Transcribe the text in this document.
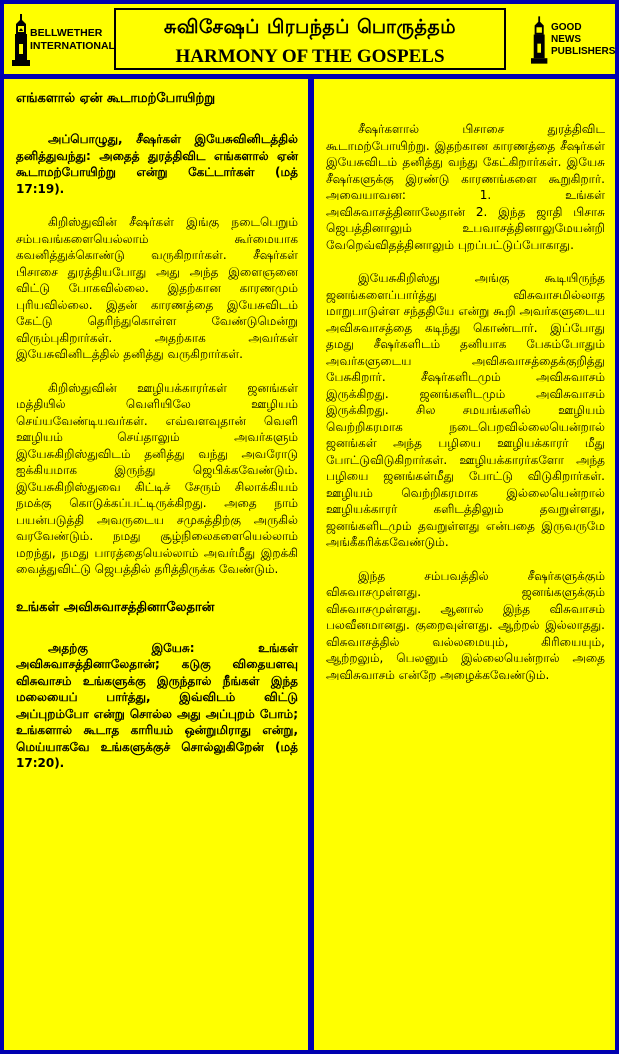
BELLWETHER
INTERNATIONAL
சுவிசேஷப் பிரபந்தப் பொருத்தம்
HARMONY OF THE GOSPELS
GOOD NEWS
PUBLISHERS

எங்களால் ஏன் கூடாமற்போயிற்று

அப்பொழுது, சீஷர்கள் இயேசுவினிடத்தில் தனித்துவந்து: அதைத் துரத்திவிட எங்களால் ஏன் கூடாமற்போயிற்று என்று கேட்டார்கள் (மத் 17:19).

கிறிஸ்துவின் சீஷர்கள் இங்கு நடைபெறும் சம்பவங்களையெல்லாம் கூர்மையாக கவனித்துக்கொண்டு வருகிறார்கள். சீஷர்கள் பிசாசை துரத்தியபோது அது அந்த இளைஞனை விட்டு போகவில்லை. இதற்கான காரணமும் புரியவில்லை. இதன் காரணத்தை இயேசுவிடம் கேட்டு தெரிந்துகொள்ள வேண்டுமென்று விரும்புகிறார்கள். அதற்காக அவர்கள் இயேசுவினிடத்தில் தனித்து வருகிறார்கள்.

கிறிஸ்துவின் ஊழியக்காரர்கள் ஜனங்கள் மத்தியில் வெளியிலே ஊழியம் செய்யவேண்டியவர்கள். எவ்வளவுதான் வெளி ஊழியம் செய்தாலும் அவர்களும் இயேசுகிறிஸ்துவிடம் தனித்து வந்து அவரோடு ஐக்கியமாக இருந்து ஜெபிக்கவேண்டும். இயேசுகிறிஸ்துவை கிட்டிச் சேரும் சிலாக்கியம் நமக்கு கொடுக்கப்பட்டிருக்கிறது. அதை நாம் பயன்படுத்தி அவருடைய சமுகத்திற்கு அருகில் வரவேண்டும். நமது சூழ்நிலைகளையெல்லாம் மறந்து, நமது பாரத்தையெல்லாம் அவர்மீது இறக்கி வைத்துவிட்டு ஜெபத்தில் தரித்திருக்க வேண்டும்.

உங்கள் அவிசுவாசத்தினாலேதான்

அதற்கு இயேசு: உங்கள் அவிசுவாசத்தினாலேதான்; கடுகு விதையளவு விசுவாசம் உங்களுக்கு இருந்தால் நீங்கள் இந்த மலையைப் பார்த்து, இவ்விடம் விட்டு அப்புறம்போ என்று சொல்ல அது அப்புறம் போம்; உங்களால் கூடாத காரியம் ஒன்றுமிராது என்று, மெய்யாகவே உங்களுக்குச் சொல்லுகிறேன் (மத் 17:20).

சீஷர்களால் பிசாசை துரத்திவிட கூடாமற்போயிற்று. இதற்கான காரணத்தை சீஷர்கள் இயேசுவிடம் தனித்து வந்து கேட்கிறார்கள். இயேசு சீஷர்களுக்கு இரண்டு காரணங்களை கூறுகிறார். அவையாவன: 1. உங்கள் அவிசுவாசத்தினாலேதான் 2. இந்த ஜாதி பிசாசு ஜெபத்தினாலும் உபவாசத்தினாலுமேயன்றி வேறெவ்விதத்தினாலும் புறப்பட்டுப்போகாது.

இயேசுகிறிஸ்து அங்கு கூடியிருந்த ஜனங்களைப்பார்த்து விசுவாசமில்லாத மாறுபாடுள்ள சந்ததியே என்று கூறி அவர்களுடைய அவிசுவாசத்தை கடிந்து கொண்டார். இப்போது தமது சீஷர்களிடம் தனியாக பேசும்போதும் அவர்களுடைய அவிசுவாசத்தைக்குறித்து பேசுகிறார். சீஷர்களிடமும் அவிசுவாசம் இருக்கிறது. ஜனங்களிடமும் அவிசுவாசம் இருக்கிறது. சில சமயங்களில் ஊழியம் வெற்றிகரமாக நடைபெறவில்லையென்றால் ஜனங்கள் அந்த பழியை ஊழியக்காரர் மீது போட்டுவிடுகிறார்கள். ஊழியக்காரர்களோ அந்த பழியை ஜனங்கள்மீது போட்டு விடுகிறார்கள். ஊழியம் வெற்றிகரமாக இல்லையென்றால் ஊழியக்காரர் களிடத்திலும் தவறுள்ளது, ஜனங்களிடமும் தவறுள்ளது என்பதை இருவருமே அங்கீகரிக்கவேண்டும்.

இந்த சம்பவத்தில் சீஷர்களுக்கும் விசுவாசமுள்ளது. ஜனங்களுக்கும் விசுவாசமுள்ளது. ஆனால் இந்த விசுவாசம் பலவீனமானது. குறைவுள்ளது. ஆற்றல் இல்லாதது. விசுவாசத்தில் வல்லமையும், கிரியையும், ஆற்றலும், பெலனும் இல்லையென்றால் அதை அவிசுவாசம் என்றே அழைக்கவேண்டும்.
